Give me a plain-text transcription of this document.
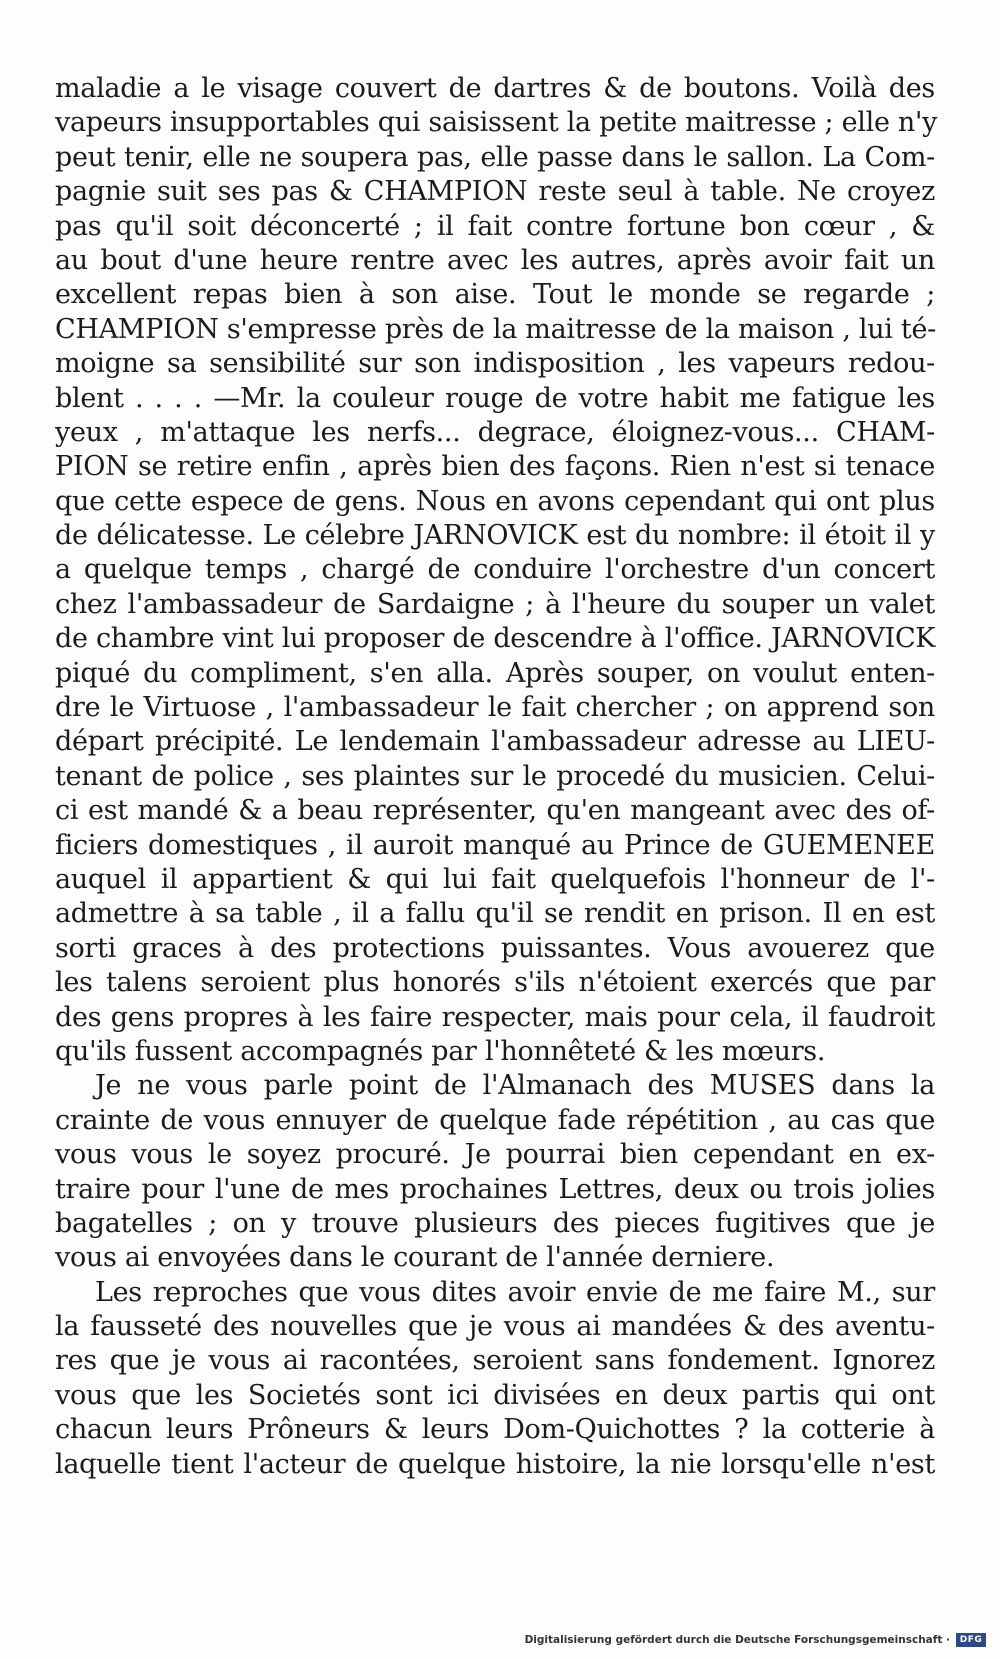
maladie a le visage couvert de dartres & de boutons. Voilà des
vapeurs insupportables qui saisissent la petite maitresse ; elle n'y
peut tenir, elle ne soupera pas, elle passe dans le sallon. La Com-
pagnie suit ses pas & CHAMPION reste seul à table. Ne croyez
pas qu'il soit déconcerté ; il fait contre fortune bon cœur , &
au bout d'une heure rentre avec les autres, après avoir fait un
excellent repas bien à son aise. Tout le monde se regarde ;
CHAMPION s'empresse près de la maitresse de la maison , lui té-
moigne sa sensibilité sur son indisposition , les vapeurs redou-
blent . . . . —Mr. la couleur rouge de votre habit me fatigue les
yeux , m'attaque les nerfs... degrace, éloignez-vous... CHAM-
PION se retire enfin , après bien des façons. Rien n'est si tenace
que cette espece de gens. Nous en avons cependant qui ont plus
de délicatesse. Le célebre JARNOVICK est du nombre: il étoit il y
a quelque temps , chargé de conduire l'orchestre d'un concert
chez l'ambassadeur de Sardaigne ; à l'heure du souper un valet
de chambre vint lui proposer de descendre à l'office. JARNOVICK
piqué du compliment, s'en alla. Après souper, on voulut enten-
dre le Virtuose , l'ambassadeur le fait chercher ; on apprend son
départ précipité. Le lendemain l'ambassadeur adresse au LIEU-
tenant de police , ses plaintes sur le procedé du musicien. Celui-
ci est mandé & a beau représenter, qu'en mangeant avec des of-
ficiers domestiques , il auroit manqué au Prince de GUEMENEE
auquel il appartient & qui lui fait quelquefois l'honneur de l'-
admettre à sa table , il a fallu qu'il se rendit en prison. Il en est
sorti graces à des protections puissantes. Vous avouerez que
les talens seroient plus honorés s'ils n'étoient exercés que par
des gens propres à les faire respecter, mais pour cela, il faudroit
qu'ils fussent accompagnés par l'honnêteté & les mœurs.
Je ne vous parle point de l'Almanach des MUSES dans la
crainte de vous ennuyer de quelque fade répétition , au cas que
vous vous le soyez procuré. Je pourrai bien cependant en ex-
traire pour l'une de mes prochaines Lettres, deux ou trois jolies
bagatelles ; on y trouve plusieurs des pieces fugitives que je
vous ai envoyées dans le courant de l'année derniere.
Les reproches que vous dites avoir envie de me faire M., sur
la fausseté des nouvelles que je vous ai mandées & des aventu-
res que je vous ai racontées, seroient sans fondement. Ignorez
vous que les Societés sont ici divisées en deux partis qui ont
chacun leurs Prôneurs & leurs Dom-Quichottes ? la cotterie à
laquelle tient l'acteur de quelque histoire, la nie lorsqu'elle n'est
Digitalisierung gefördert durch die Deutsche Forschungsgemeinschaft ·	DFG
